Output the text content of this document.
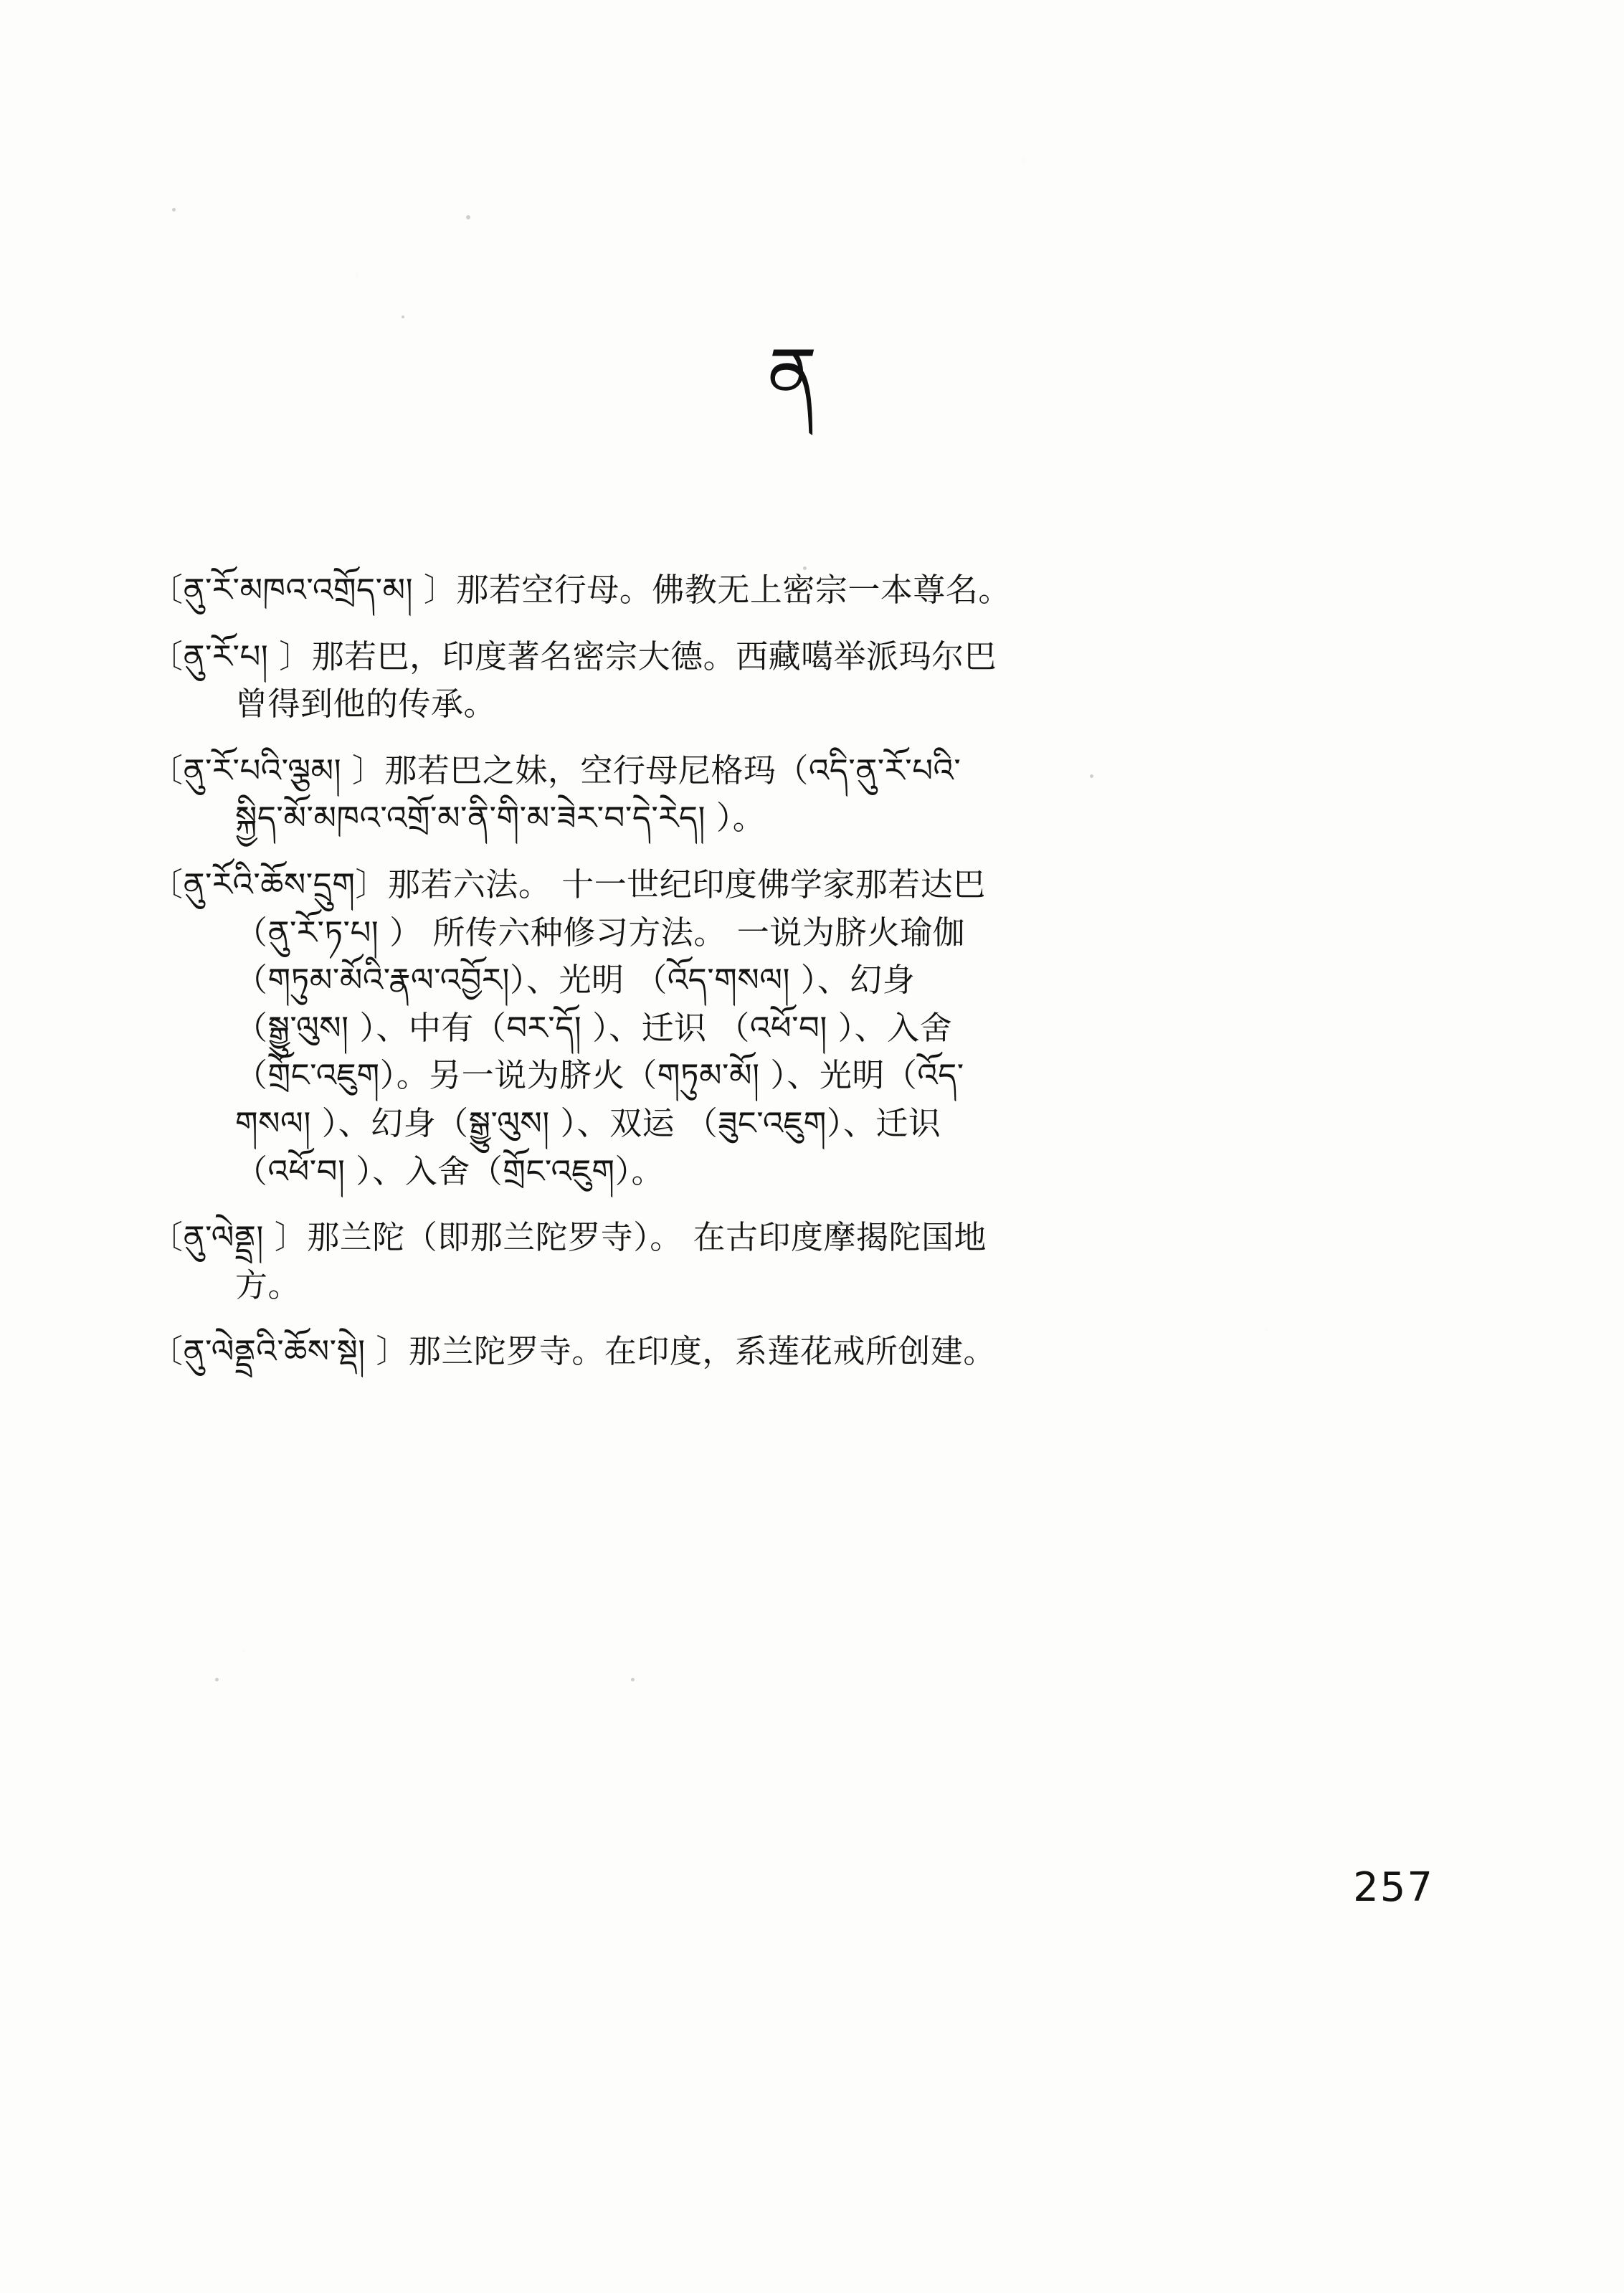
ན
〔ནུ་རོ་མཁའ་འགྲོད་མ། 〕那若空行母。佛教无上密宗一本尊名。
〔ནུ་རོ་པ། 〕那若巴，印度著名密宗大德。西藏噶举派玛尔巴
曾得到他的传承。
〔ནུ་རོ་པའི་ལྕམ། 〕那若巴之妹，空行母尼格玛（འདི་ནུ་རོ་པའི་
སྐྱིད་མོ་མཁའ་འགྲོ་མ་ནི་གི་མ་ཟེར་བ་དེ་རེད། ）。
〔ནུ་རོའི་ཆོས་དྲུག〕那若六法。 十一世纪印度佛学家那若达巴
（ནུ་རོ་ཏ་པ། ） 所传六种修习方法。 一说为脐火瑜伽
（གཏུམ་མོའི་རྣལ་འབྱོར།）、光明 （འོད་གསལ། ）、幻身
（སྒྱུ་ལུས། ）、中有（བར་དོ། ）、迁识 （འཕོ་བ། ）、入舍
（གྲོང་འཇུག）。另一说为脐火（གཏུམ་མོ། ）、光明（འོད་
གསལ། ）、幻身（སྒྱུ་ལུས། ）、双运 （ཟུང་འཇུག）、迁识
（འཕོ་བ། ）、入舍（གྲོང་འཇུག）。
〔ནུ་ལེནྡྲ། 〕那兰陀（即那兰陀罗寺）。 在古印度摩揭陀国地
方。
〔ནུ་ལེནྡྲའི་ཆོས་སྡེ། 〕那兰陀罗寺。在印度，系莲花戒所创建。
257
